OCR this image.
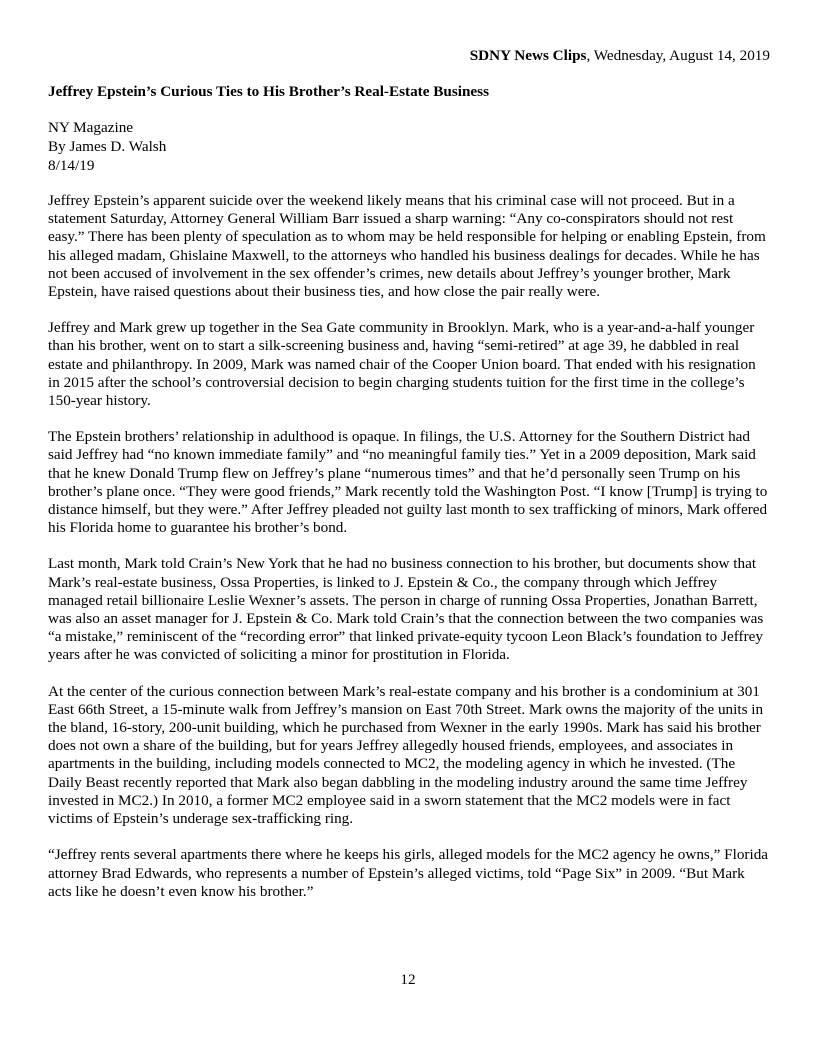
SDNY News Clips, Wednesday, August 14, 2019
Jeffrey Epstein’s Curious Ties to His Brother’s Real-Estate Business
NY Magazine
By James D. Walsh
8/14/19

Jeffrey Epstein’s apparent suicide over the weekend likely means that his criminal case will not proceed. But in a statement Saturday, Attorney General William Barr issued a sharp warning: “Any co-conspirators should not rest easy.” There has been plenty of speculation as to whom may be held responsible for helping or enabling Epstein, from his alleged madam, Ghislaine Maxwell, to the attorneys who handled his business dealings for decades. While he has not been accused of involvement in the sex offender’s crimes, new details about Jeffrey’s younger brother, Mark Epstein, have raised questions about their business ties, and how close the pair really were.

Jeffrey and Mark grew up together in the Sea Gate community in Brooklyn. Mark, who is a year-and-a-half younger than his brother, went on to start a silk-screening business and, having “semi-retired” at age 39, he dabbled in real estate and philanthropy. In 2009, Mark was named chair of the Cooper Union board. That ended with his resignation in 2015 after the school’s controversial decision to begin charging students tuition for the first time in the college’s 150-year history.

The Epstein brothers’ relationship in adulthood is opaque. In filings, the U.S. Attorney for the Southern District had said Jeffrey had “no known immediate family” and “no meaningful family ties.” Yet in a 2009 deposition, Mark said that he knew Donald Trump flew on Jeffrey’s plane “numerous times” and that he’d personally seen Trump on his brother’s plane once. “They were good friends,” Mark recently told the Washington Post. “I know [Trump] is trying to distance himself, but they were.” After Jeffrey pleaded not guilty last month to sex trafficking of minors, Mark offered his Florida home to guarantee his brother’s bond.

Last month, Mark told Crain’s New York that he had no business connection to his brother, but documents show that Mark’s real-estate business, Ossa Properties, is linked to J. Epstein & Co., the company through which Jeffrey managed retail billionaire Leslie Wexner’s assets. The person in charge of running Ossa Properties, Jonathan Barrett, was also an asset manager for J. Epstein & Co. Mark told Crain’s that the connection between the two companies was “a mistake,” reminiscent of the “recording error” that linked private-equity tycoon Leon Black’s foundation to Jeffrey years after he was convicted of soliciting a minor for prostitution in Florida.

At the center of the curious connection between Mark’s real-estate company and his brother is a condominium at 301 East 66th Street, a 15-minute walk from Jeffrey’s mansion on East 70th Street. Mark owns the majority of the units in the bland, 16-story, 200-unit building, which he purchased from Wexner in the early 1990s. Mark has said his brother does not own a share of the building, but for years Jeffrey allegedly housed friends, employees, and associates in apartments in the building, including models connected to MC2, the modeling agency in which he invested. (The Daily Beast recently reported that Mark also began dabbling in the modeling industry around the same time Jeffrey invested in MC2.) In 2010, a former MC2 employee said in a sworn statement that the MC2 models were in fact victims of Epstein’s underage sex-trafficking ring.

“Jeffrey rents several apartments there where he keeps his girls, alleged models for the MC2 agency he owns,” Florida attorney Brad Edwards, who represents a number of Epstein’s alleged victims, told “Page Six” in 2009. “But Mark acts like he doesn’t even know his brother.”

12
